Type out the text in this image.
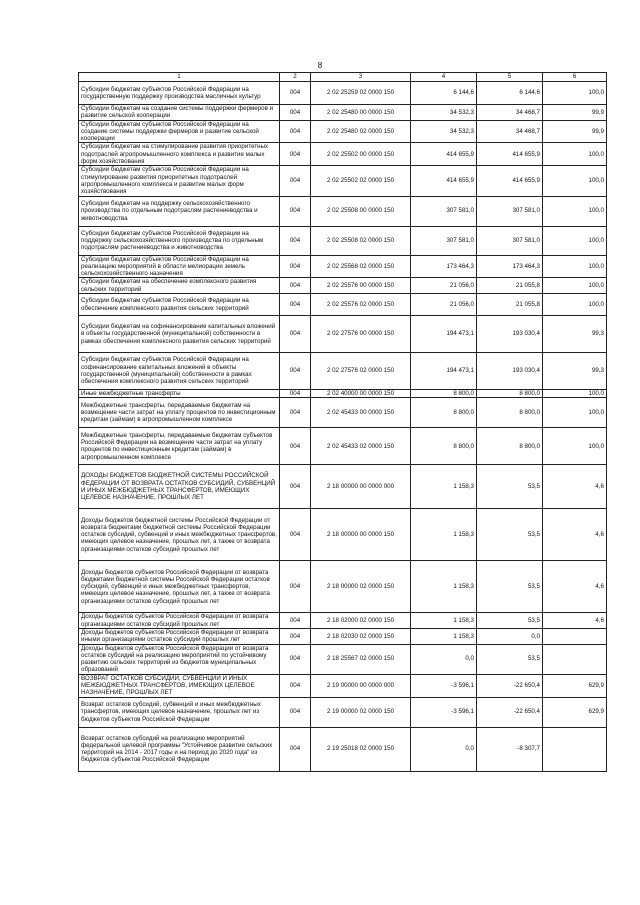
8
1	2	3	4	5	6
Субсидии бюджетам субъектов Российской Федерации на государственную поддержку производства масличных культур	004	2 02 25259 02 0000 150	6 144,6	6 144,6	100,0
Субсидии бюджетам на создание системы поддержки фермеров и развитие сельской кооперации	004	2 02 25480 00 0000 150	34 532,3	34 468,7	99,9
Субсидии бюджетам субъектов Российской Федерации на создание системы поддержки фермеров и развитие сельской кооперации	004	2 02 25480 02 0000 150	34 532,3	34 468,7	99,9
Субсидии бюджетам на стимулирование развития приоритетных подотраслей агропромышленного комплекса и развитие малых форм хозяйствования	004	2 02 25502 00 0000 150	414 655,9	414 655,9	100,0
Субсидии бюджетам субъектов Российской Федерации на стимулирование развития приоритетных подотраслей агропромышленного комплекса и развитие малых форм хозяйствования	004	2 02 25502 02 0000 150	414 655,9	414 655,9	100,0
Субсидии бюджетам на поддержку сельскохозяйственного производства по отдельным подотраслям растениеводства и животноводства	004	2 02 25508 00 0000 150	307 581,0	307 581,0	100,0
Субсидии бюджетам субъектов Российской Федерации на поддержку сельскохозяйственного производства по отдельным подотраслям растениеводства и животноводства	004	2 02 25508 02 0000 150	307 581,0	307 581,0	100,0
Субсидии бюджетам субъектов Российской Федерации на реализацию мероприятий в области мелиорации земель сельскохозяйственного назначения	004	2 02 25568 02 0000 150	173 464,3	173 464,3	100,0
Субсидии бюджетам на обеспечение комплексного развития сельских территорий	004	2 02 25576 00 0000 150	21 056,0	21 055,8	100,0
Субсидии бюджетам субъектов Российской Федерации на обеспечение комплексного развития сельских территорий	004	2 02 25576 02 0000 150	21 056,0	21 055,8	100,0
Субсидии бюджетам на софинансирование капитальных вложений в объекты государственной (муниципальной) собственности в рамках обеспечения комплексного развития сельских территорий	004	2 02 27576 00 0000 150	194 473,1	193 030,4	99,3
Субсидии бюджетам субъектов Российской Федерации на софинансирование капитальных вложений в объекты государственной (муниципальной) собственности в рамках обеспечения комплексного развития сельских территорий	004	2 02 27576 02 0000 150	194 473,1	193 030,4	99,3
Иные межбюджетные трансферты	004	2 02 40000 00 0000 150	8 800,0	8 800,0	100,0
Межбюджетные трансферты, передаваемые бюджетам на возмещение части затрат на уплату процентов по инвестиционным кредитам (займам) в агропромышленном комплексе	004	2 02 45433 00 0000 150	8 800,0	8 800,0	100,0
Межбюджетные трансферты, передаваемые бюджетам субъектов Российской Федерации на возмещение части затрат на уплату процентов по инвестиционным кредитам (займам) в агропромышленном комплексе	004	2 02 45433 02 0000 150	8 800,0	8 800,0	100,0
ДОХОДЫ БЮДЖЕТОВ БЮДЖЕТНОЙ СИСТЕМЫ РОССИЙСКОЙ ФЕДЕРАЦИИ ОТ ВОЗВРАТА ОСТАТКОВ СУБСИДИЙ, СУБВЕНЦИЙ И ИНЫХ МЕЖБЮДЖЕТНЫХ ТРАНСФЕРТОВ, ИМЕЮЩИХ ЦЕЛЕВОЕ НАЗНАЧЕНИЕ, ПРОШЛЫХ ЛЕТ	004	2 18 00000 00 0000 000	1 158,3	53,5	4,6
Доходы бюджетов бюджетной системы Российской Федерации от возврата бюджетами бюджетной системы Российской Федерации остатков субсидий, субвенций и иных межбюджетных трансфертов, имеющих целевое назначение, прошлых лет, а также от возврата организациями остатков субсидий прошлых лет	004	2 18 00000 00 0000 150	1 158,3	53,5	4,6
Доходы бюджетов субъектов Российской Федерации от возврата бюджетами бюджетной системы Российской Федерации остатков субсидий, субвенций и иных межбюджетных трансфертов, имеющих целевое назначение, прошлых лет, а также от возврата организациями остатков субсидий прошлых лет	004	2 18 00000 02 0000 150	1 158,3	53,5	4,6
Доходы бюджетов субъектов Российской Федерации от возврата организациями остатков субсидий прошлых лет	004	2 18 02000 02 0000 150	1 158,3	53,5	4,6
Доходы бюджетов субъектов Российской Федерации от возврата иными организациями остатков субсидий прошлых лет	004	2 18 02030 02 0000 150	1 158,3	0,0	
Доходы бюджетов субъектов Российской Федерации от возврата остатков субсидий на реализацию мероприятий по устойчивому развитию сельских территорий из бюджетов муниципальных образований	004	2 18 25567 02 0000 150	0,0	53,5	
ВОЗВРАТ ОСТАТКОВ СУБСИДИЙ, СУБВЕНЦИЙ И ИНЫХ МЕЖБЮДЖЕТНЫХ ТРАНСФЕРТОВ, ИМЕЮЩИХ ЦЕЛЕВОЕ НАЗНАЧЕНИЕ, ПРОШЛЫХ ЛЕТ	004	2 19 00000 00 0000 000	-3 596,1	-22 650,4	629,9
Возврат остатков субсидий, субвенций и иных межбюджетных трансфертов, имеющих целевое назначение, прошлых лет из бюджетов субъектов Российской Федерации	004	2 19 00000 02 0000 150	-3 596,1	-22 650,4	629,9
Возврат остатков субсидий на реализацию мероприятий федеральной целевой программы "Устойчивое развитие сельских территорий на 2014 - 2017 годы и на период до 2020 года" из бюджетов субъектов Российской Федерации	004	2 19 25018 02 0000 150	0,0	-8 307,7	
